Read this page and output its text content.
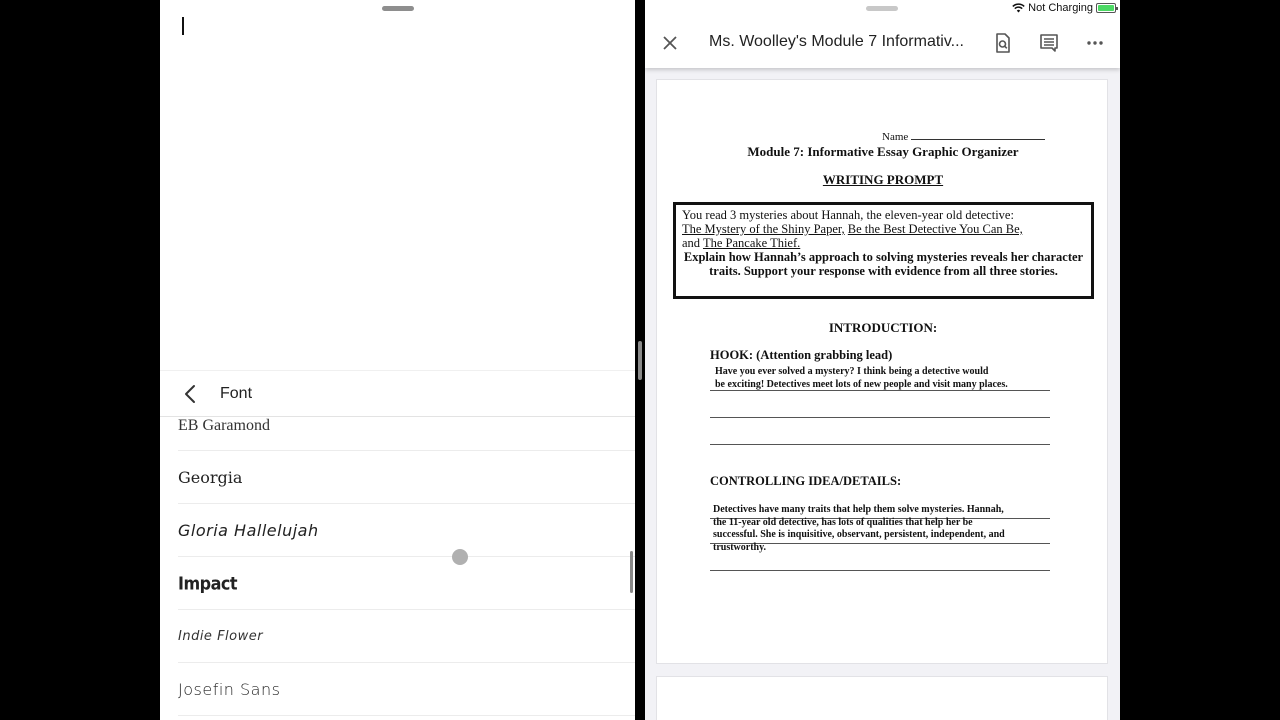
Font
EB Garamond
Georgia
Gloria Hallelujah
Impact
Indie Flower
Josefin Sans
Not Charging
Ms. Woolley's Module 7 Informativ...
Name
Module 7: Informative Essay Graphic Organizer
WRITING PROMPT
You read 3 mysteries about Hannah, the eleven-year old detective:
The Mystery of the Shiny Paper, Be the Best Detective You Can Be,
and The Pancake Thief.
Explain how Hannah’s approach to solving mysteries reveals her character traits. Support your response with evidence from all three stories.
INTRODUCTION:
HOOK: (Attention grabbing lead)
Have you ever solved a mystery? I think being a detective would
be exciting! Detectives meet lots of new people and visit many places.
CONTROLLING IDEA/DETAILS:
Detectives have many traits that help them solve mysteries. Hannah,
the 11-year old detective, has lots of qualities that help her be
successful. She is inquisitive, observant, persistent, independent, and
trustworthy.
